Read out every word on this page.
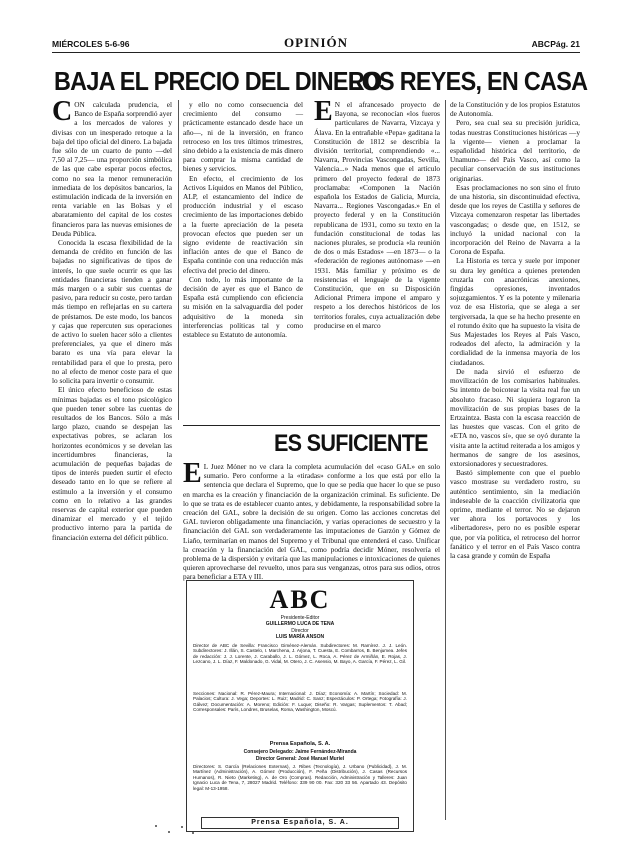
MIÉRCOLES 5-6-96	OPINIÓN	ABC Pág. 21
BAJA EL PRECIO DEL DINERO

CON calculada prudencia, el Banco de España sorprendió ayer a los mercados de valores y divisas con un inesperado retoque a la baja del tipo oficial del dinero. La bajada fue sólo de un cuarto de punto —del 7,50 al 7,25— una proporción simbólica de las que cabe esperar pocos efectos, como no sea la menor remuneración inmediata de los depósitos bancarios, la estimulación indicada de la inversión en renta variable en las Bolsas y el abaratamiento del capital de los costes financieros para las nuevas emisiones de Deuda Pública.

Conocida la escasa flexibilidad de la demanda de crédito en función de las bajadas no significativas de tipos de interés, lo que suele ocurrir es que las entidades financieras tienden a ganar más margen o a subir sus cuentas de pasivo, para reducir su coste, pero tardan más tiempo en reflejarlas en su cartera de préstamos. De este modo, los bancos y cajas que repercuten sus operaciones de activo lo suelen hacer sólo a clientes preferenciales, ya que el dinero más barato es una vía para elevar la rentabilidad para el que lo presta, pero no al efecto de menor coste para el que lo solicita para invertir o consumir.

El único efecto beneficioso de estas mínimas bajadas es el tono psicológico que pueden tener sobre las cuentas de resultados de los Bancos. Sólo a más largo plazo, cuando se despejan las expectativas pobres, se aclaran los horizontes económicos y se develan las incertidumbres financieras, la acumulación de pequeñas bajadas de tipos de interés pueden surtir el efecto deseado tanto en lo que se refiere al estímulo a la inversión y el consumo como en lo relativo a las grandes reservas de capital exterior que pueden dinamizar el mercado y el tejido productivo interno para la partida de financiación externa del déficit público.

y ello no como consecuencia del crecimiento del consumo —prácticamente estancado desde hace un año—, ni de la inversión, en franco retroceso en los tres últimos trimestres, sino debido a la existencia de más dinero para comprar la misma cantidad de bienes y servicios.

En efecto, el crecimiento de los Activos Líquidos en Manos del Público, ALP, el estancamiento del índice de producción industrial y el escaso crecimiento de las importaciones debido a la fuerte apreciación de la peseta provocan efectos que pueden ser un signo evidente de reactivación sin inflación antes de que el Banco de España continúe con una reducción más efectiva del precio del dinero.

Con todo, lo más importante de la decisión de ayer es que el Banco de España está cumpliendo con eficiencia su misión en la salvaguardia del poder adquisitivo de la moneda sin interferencias políticas tal y como establece su Estatuto de autonomía.

LOS REYES, EN CASA

EN el afrancesado proyecto de Bayona, se reconocían «los fueros particulares de Navarra, Vizcaya y Álava. En la entrañable «Pepa» gaditana la Constitución de 1812 se describía la división territorial, comprendiendo «... Navarra, Provincias Vascongadas, Sevilla, Valencia...» Nada menos que el artículo primero del proyecto federal de 1873 proclamaba: «Componen la Nación española los Estados de Galicia, Murcia, Navarra... Regiones Vascongadas.» En el proyecto federal y en la Constitución republicana de 1931, como su texto en la fundación constitucional de todas las naciones plurales, se producía «la reunión de dos o más Estados» —en 1873— o la «federación de regiones autónomas» —en 1931. Más familiar y próximo es de resistencias el lenguaje de la vigente Constitución, que en su Disposición Adicional Primera impone el amparo y respeto a los derechos históricos de los territorios forales, cuya actualización debe producirse en el marco

de la Constitución y de los propios Estatutos de Autonomía.

Pero, sea cual sea su precisión jurídica, todas nuestras Constituciones históricas —y la vigente— vienen a proclamar la españolidad histórica del territorio, de Unamuno— del País Vasco, así como la peculiar conservación de sus instituciones originarias.

Esas proclamaciones no son sino el fruto de una historia, sin discontinuidad efectiva, desde que los reyes de Castilla y señores de Vizcaya comenzaron respetar las libertades vascongadas; o desde que, en 1512, se incluyó la unidad nacional con la incorporación del Reino de Navarra a la Corona de España.

La Historia es terca y suele por imponer su dura ley genética a quienes pretenden cruzarla con anacrónicas anexiones, fingidas opresiones, inventados sojuzgamientos. Y es la potente y milenaria voz de esa Historia, que se alega a ser tergiversada, la que se ha hecho presente en el rotundo éxito que ha supuesto la visita de Sus Majestades los Reyes al País Vasco, rodeados del afecto, la admiración y la cordialidad de la inmensa mayoría de los ciudadanos.

De nada sirvió el esfuerzo de movilización de los comisarios habituales. Su intento de boicotear la visita real fue un absoluto fracaso. Ni siquiera lograron la movilización de sus propias bases de la Ertzaintza. Basta con la escasa reacción de las huestes que vascas. Con el grito de «ETA no, vascos sí», que se oyó durante la visita ante la actitud reiterada a los amigos y hermanos de sangre de los asesinos, extorsionadores y secuestradores.

Bastó simplemente con que el pueblo vasco mostrase su verdadero rostro, su auténtico sentimiento, sin la mediación indeseable de la coacción civilizatoria que oprime, mediante el terror. No se dejaron ver ahora los portavoces y los «libertadores», pero no es posible esperar que, por vía política, el retroceso del horror fanático y el terror en el País Vasco contra la casa grande y común de España

ES SUFICIENTE

EL Juez Móner no ve clara la completa acumulación del «caso GAL» en solo sumario. Pero conforme a la «tiradas» conforme a los que está por ello la sentencia que declara el Supremo, que lo que se pedía que hacer lo que se puso en marcha es la creación y financiación de la organización criminal. Es suficiente. De lo que se trata es de establecer cuanto antes, y debidamente, la responsabilidad sobre la creación del GAL, sobre la decisión de su origen. Como las acciones concretas del GAL tuvieron obligadamente una financiación, y varias operaciones de secuestro y la financiación del GAL son verdaderamente las imputaciones de Garzón y Gómez de Liaño, terminarían en manos del Supremo y el Tribunal que entenderá el caso. Unificar la creación y la financiación del GAL, como podría decidir Móner, resolvería el problema de la dispersión y evitaría que las manipulaciones e intoxicaciones de quienes quieren aprovecharse del revuelto, unos para sus venganzas, otros para sus odios, otros para beneficiar a ETA y III.

ABC
Presidente-Editor
GUILLERMO LUCA DE TENA
Director
LUIS MARÍA ANSON
Director de ABC de Sevilla: Francisco Giménez-Alemán. Subdirectores: M. Ramírez. J. J. León. Subdirectores: J. Illán, S. Castelo, I. Marchena, J. Arjona, T. Cuesta, E. Combarros, B. Benjumea. Jefes de redacción: J. J. Lorente, J. Caraballo, J. L. Gómez, L. Roca, A. Pérez de Armiñán, E. Rojas, J. Lezcano, J. L. Díaz, F. Maldonado, G. Vidal, M. Otero, J. C. Asensio, M. Bayo, A. García, F. Pérez, L. Gil.
Secciones: Nacional: R. Pérez-Maura; Internacional: J. Díaz; Economía: A. Martín; Sociedad: M. Palacios; Cultura: J. Vega; Deportes: L. Ruiz; Madrid: C. Sanz; Espectáculos: P. Ortega; Fotografía: J. Gálvez; Documentación: A. Moreno; Edición: F. Luque; Diseño: R. Vargas; Suplementos: T. Abad; Corresponsales: París, Londres, Bruselas, Roma, Washington, Moscú.
Prensa Española, S. A.
Consejero Delegado: Jaime Fernández-Miranda
Director General: José Manuel Muriel
Directores: S. García (Relaciones Externas), J. Ribes (Tecnología), J. Urbano (Publicidad), J. M. Martínez (Administración), A. Gómez (Producción), F. Peña (Distribución), J. Casas (Recursos Humanos), R. Nieto (Marketing), A. de Oro (Compras). Redacción, Administración y Talleres: Juan Ignacio Luca de Tena, 7, 28027 Madrid. Teléfono: 339 90 00. Fax: 320 33 56. Apartado 43. Depósito legal: M-13-1958.
Prensa Española, S. A.
